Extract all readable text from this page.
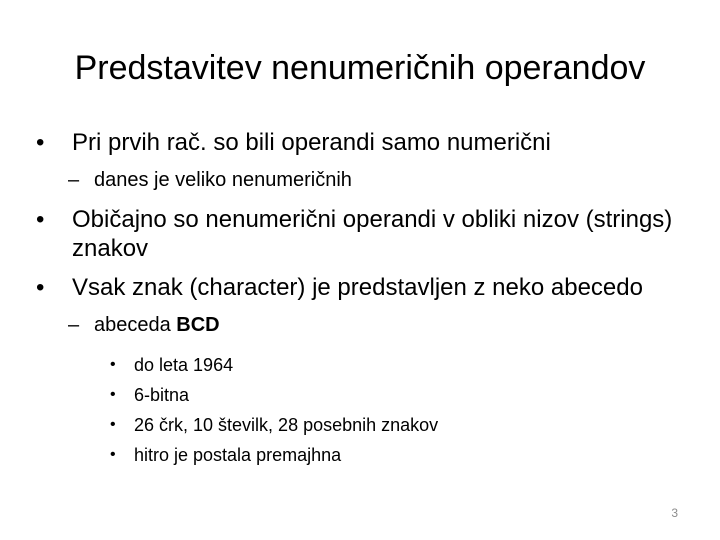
Predstavitev nenumeričnih operandov
• Pri prvih rač. so bili operandi samo numerični
– danes je veliko nenumeričnih
• Običajno so nenumerični operandi v obliki nizov (strings) znakov
• Vsak znak (character) je predstavljen z neko abecedo
– abeceda BCD
• do leta 1964
• 6-bitna
• 26 črk, 10 številk, 28 posebnih znakov
• hitro je postala premajhna
3
